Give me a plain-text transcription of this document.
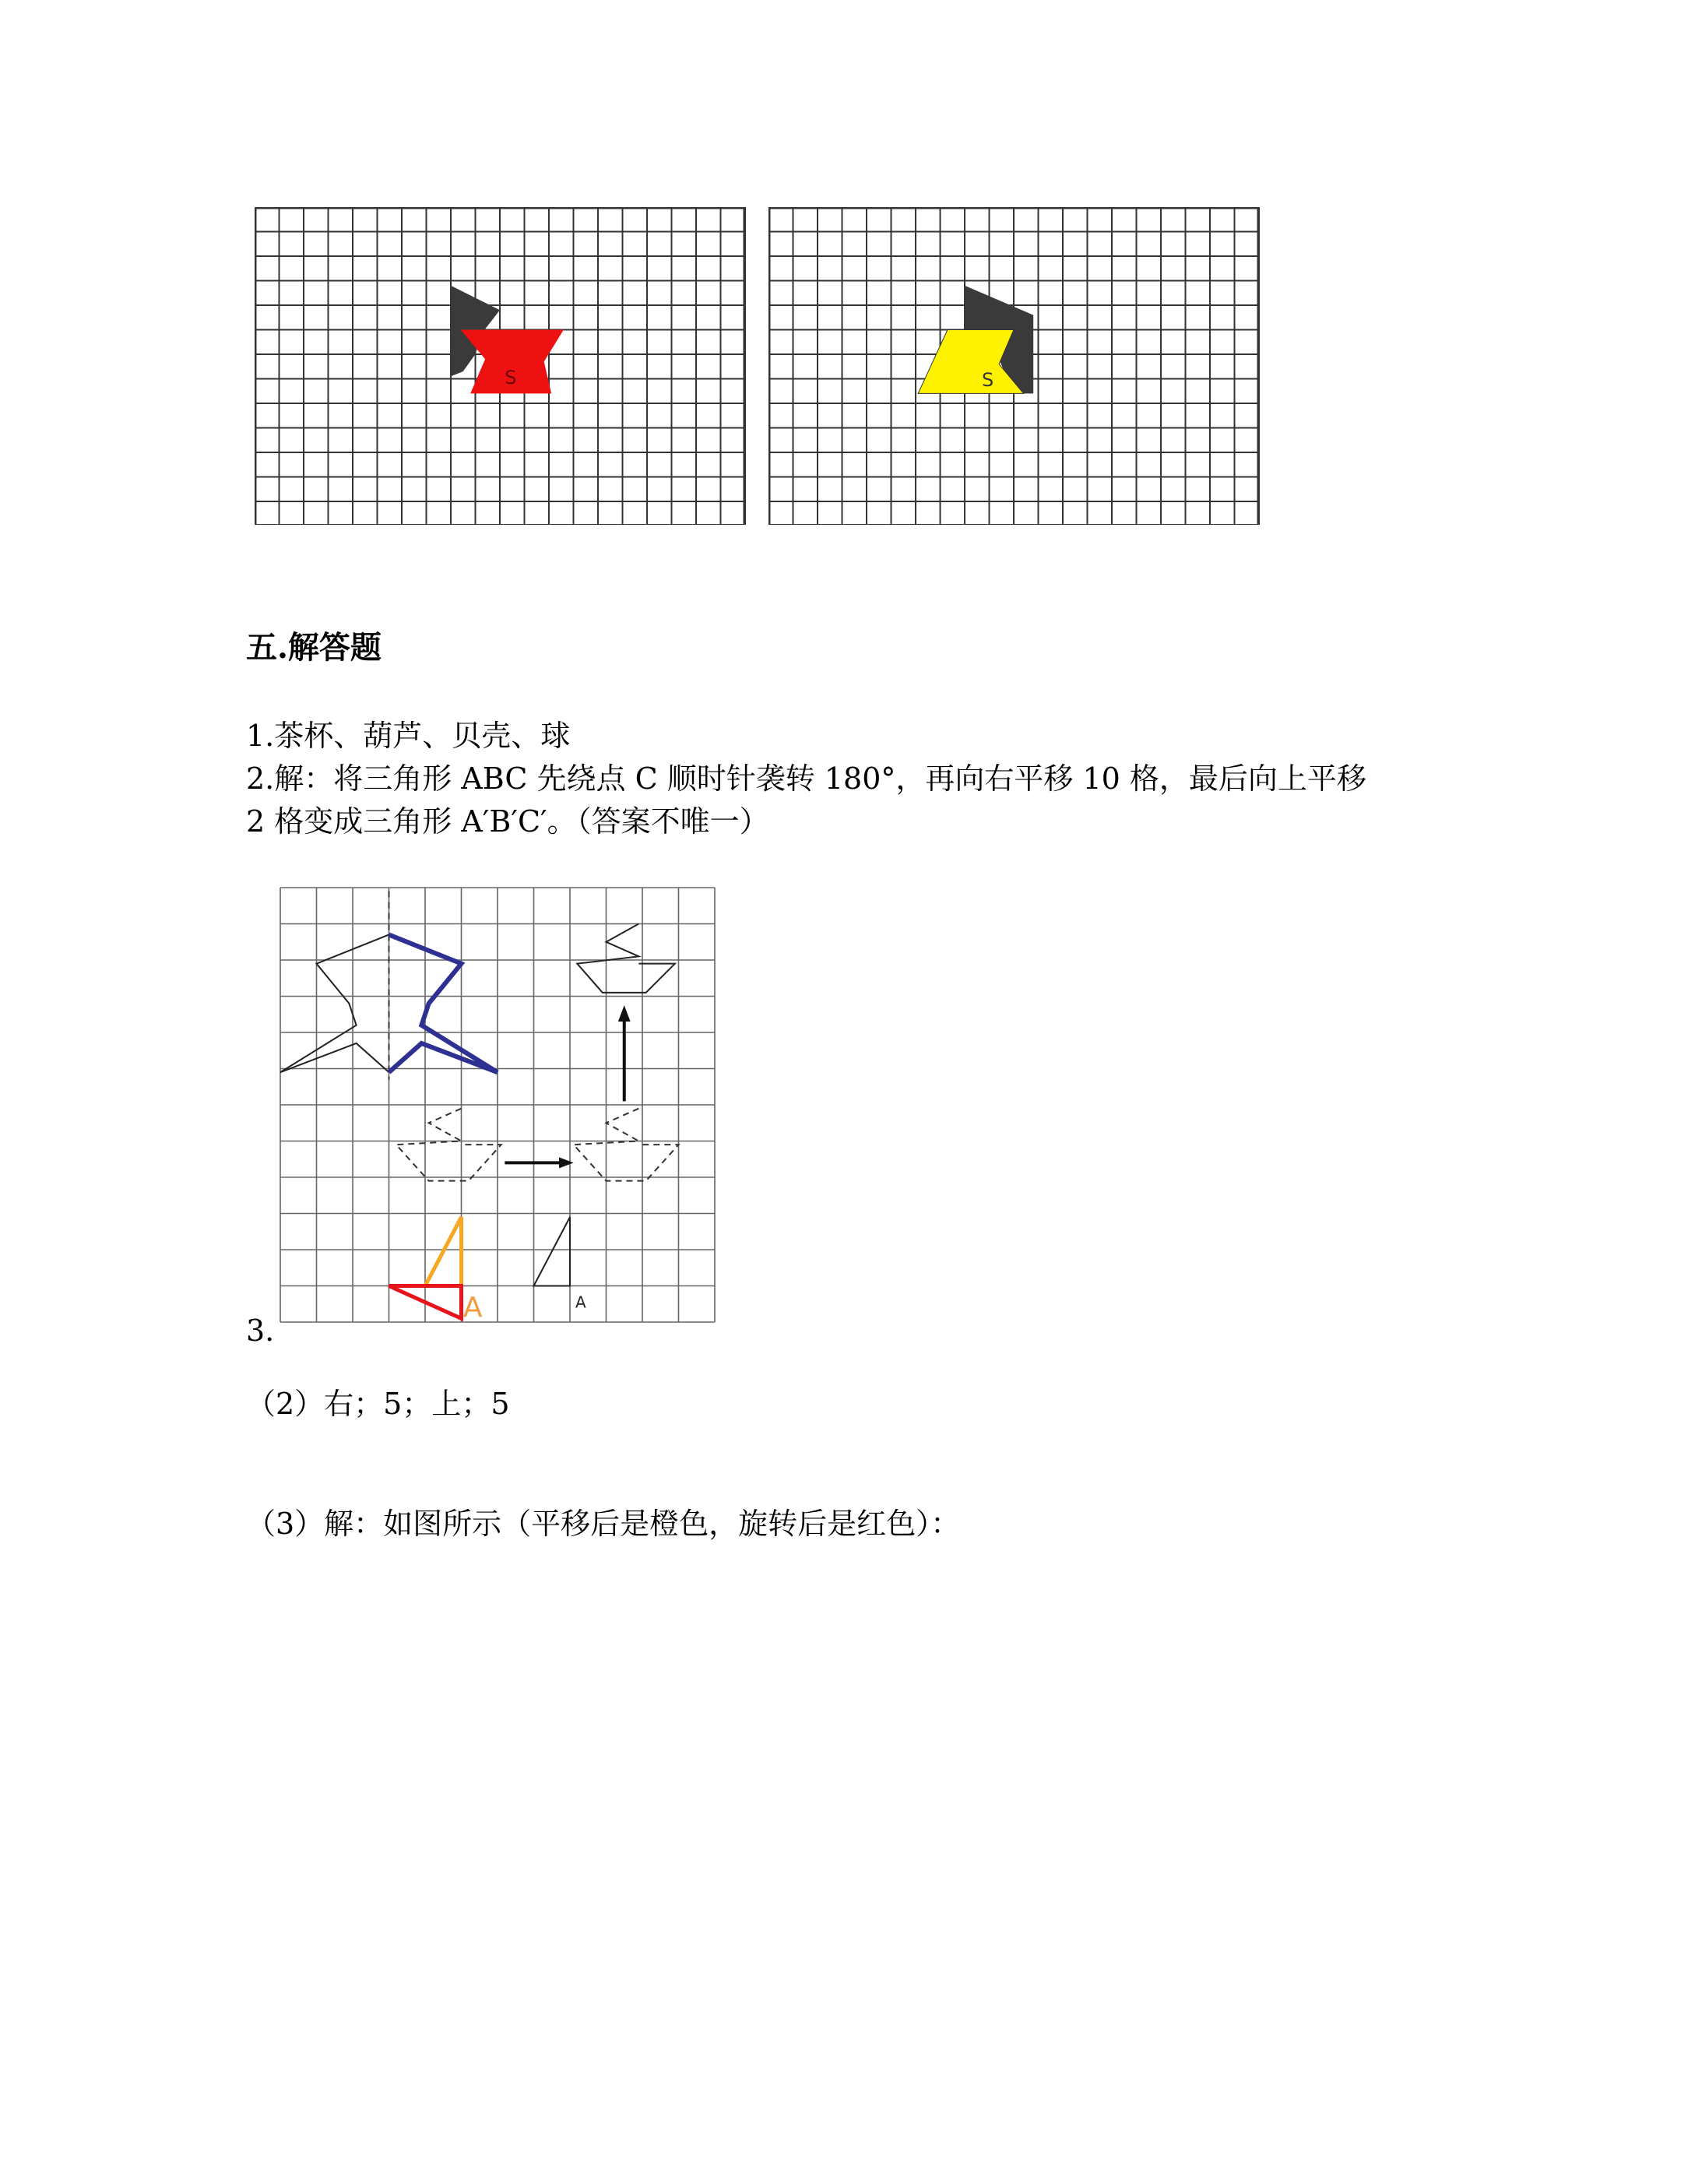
S	S
五.解答题
1.茶杯、葫芦、贝壳、球
2.解：将三角形 ABC 先绕点 C 顺时针袭转 180°，再向右平移 10 格，最后向上平移
2 格变成三角形 A′B′C′。（答案不唯一）
A
A
3.
（2）右；5；上；5
（3）解：如图所示（平移后是橙色，旋转后是红色）：
